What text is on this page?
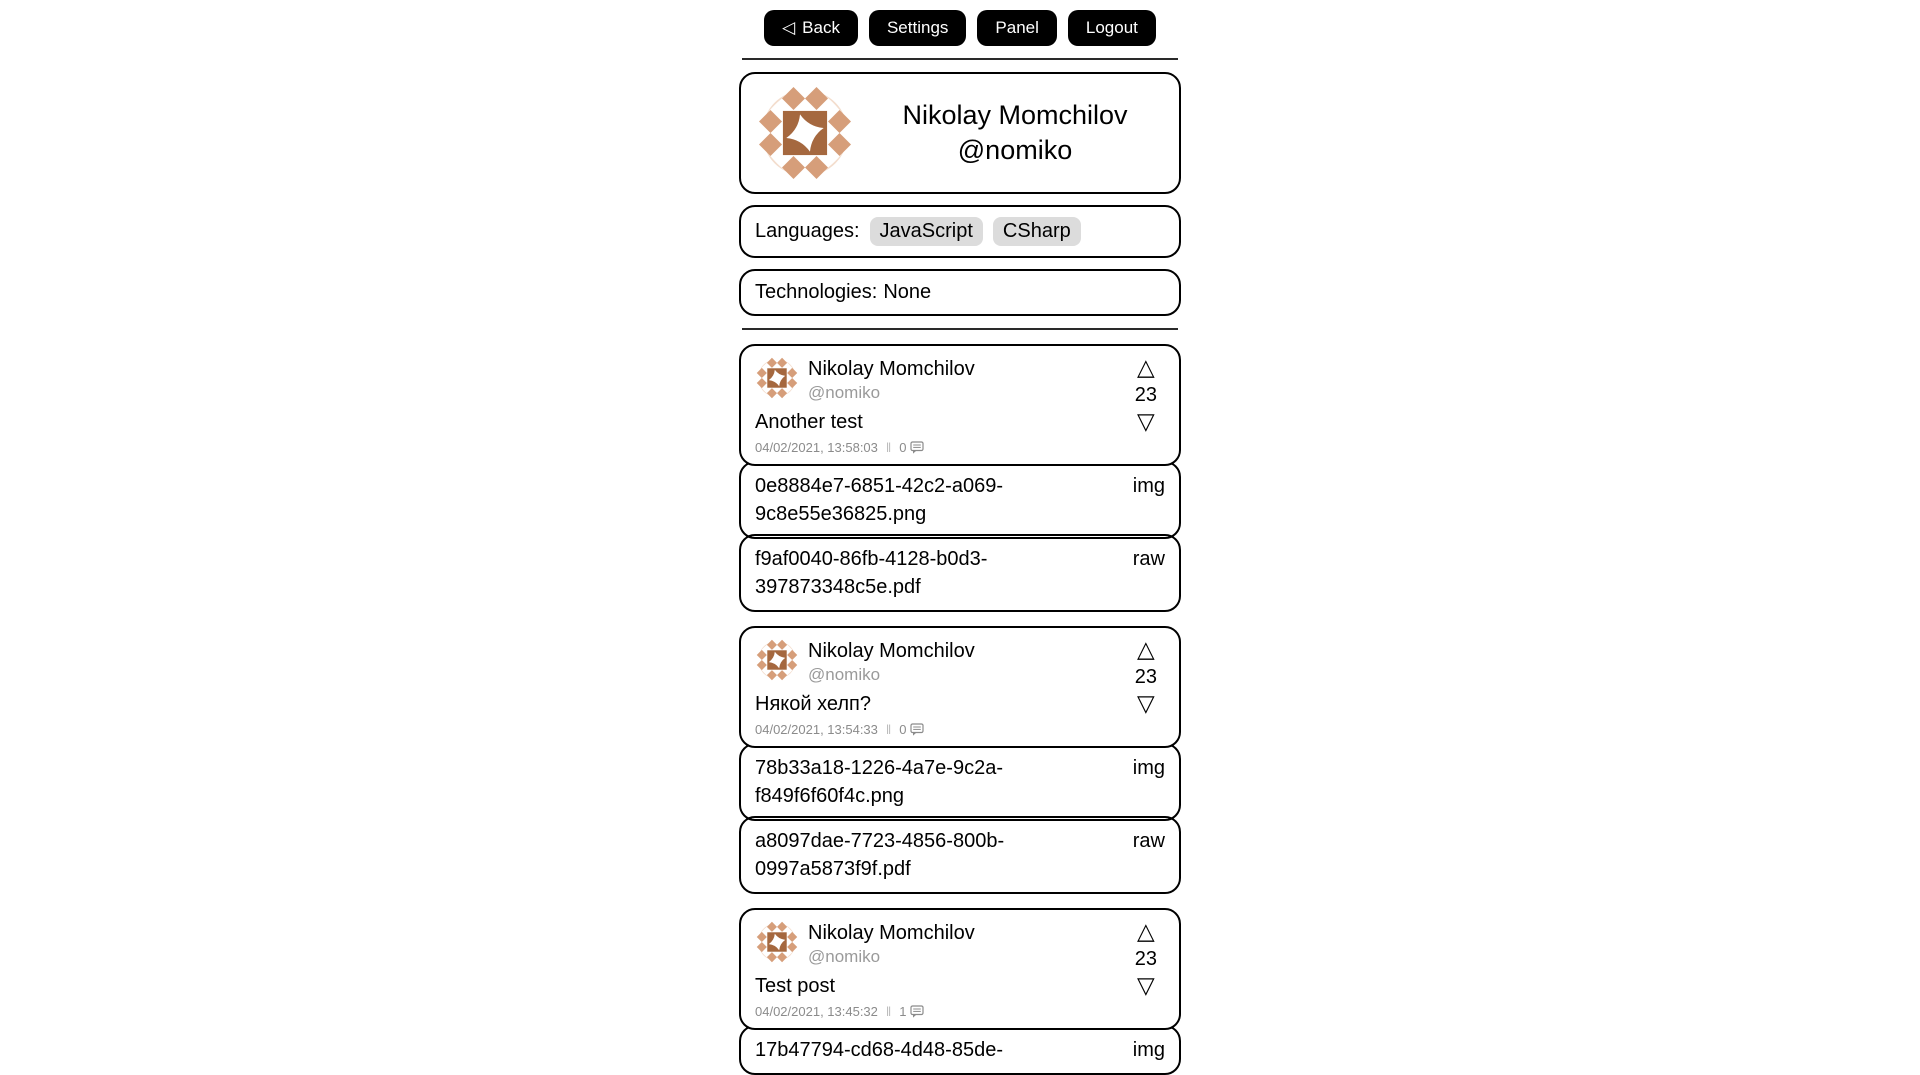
◁ Back	Settings	Panel	Logout
Nikolay Momchilov
@nomiko
Languages:	JavaScript	CSharp
Technologies: None
Nikolay Momchilov
@nomiko
Another test
04/02/2021, 13:58:03 ‖ 0
△
23
▽
0e8884e7-6851-42c2-a069-9c8e55e36825.png
img
f9af0040-86fb-4128-b0d3-397873348c5e.pdf
raw
Nikolay Momchilov
@nomiko
Някой хелп?
04/02/2021, 13:54:33 ‖ 0
△
23
▽
78b33a18-1226-4a7e-9c2a-f849f6f60f4c.png
img
a8097dae-7723-4856-800b-0997a5873f9f.pdf
raw
Nikolay Momchilov
@nomiko
Test post
04/02/2021, 13:45:32 ‖ 1
△
23
▽
17b47794-cd68-4d48-85de-	img
